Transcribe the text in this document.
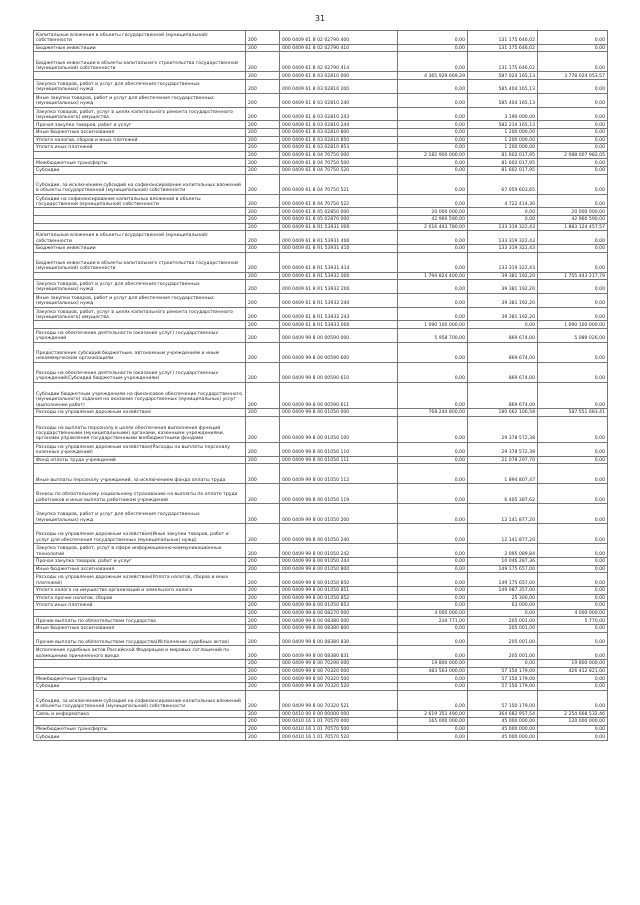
31
Капитальные вложения в объекты государственной (муниципальной) собственности	200	000 0409 61 8 02 02790 400	0,00	131 175 646,02	0,00
Бюджетные инвестиции	200	000 0409 61 8 02 02790 410	0,00	131 175 646,02	0,00
Бюджетные инвестиции в объекты капитального строительства государственной (муниципальной) собственности	200	000 0409 61 8 02 02790 414	0,00	131 175 646,02	0,00
	200	000 0409 61 8 03 02810 000	4 365 929 669,29	587 024 165,13	3 778 024 053,57
Закупка товаров, работ и услуг для обеспечения государственных (муниципальных) нужд	200	000 0409 61 8 03 02810 200	0,00	585 404 165,13	0,00
Иные закупки товаров, работ и услуг для обеспечения государственных (муниципальных) нужд	200	000 0409 61 8 03 02810 240	0,00	585 404 165,13	0,00
Закупка товаров, работ, услуг в целях капитального ремонта государственного (муниципального) имущества	200	000 0409 61 8 03 02810 243	0,00	3 190 000,00	0,00
Прочая закупка товаров, работ и услуг	200	000 0409 61 8 03 02810 244	0,00	582 214 165,13	0,00
Иные бюджетные ассигнования	200	000 0409 61 8 03 02810 800	0,00	1 200 000,00	0,00
Уплата налогов, сборов и иных платежей	200	000 0409 61 8 03 02810 850	0,00	1 200 000,00	0,00
Уплата иных платежей	200	000 0409 61 8 03 02810 853	0,00	1 200 000,00	0,00
	200	000 0409 61 8 04 70750 000	2 182 900 000,00	81 602 017,95	2 088 007 982,05
Межбюджетные трансферты	200	000 0409 61 8 04 70750 500	0,00	81 602 017,95	0,00
Субсидии	200	000 0409 61 8 04 70750 520	0,00	81 602 017,95	0,00
Субсидии, за исключением субсидий на софинансирование капитальных вложений в объекты государственной (муниципальной) собственности	200	000 0409 61 8 04 70750 521	0,00	67 059 603,65	0,00
Субсидии на софинансирование капитальных вложений в объекты государственной (муниципальной) собственности	200	000 0409 61 8 04 70750 522	0,00	4 722 414,30	0,00
	200	000 0409 61 8 05 02850 000	20 000 000,00	0,00	20 000 000,00
	200	000 0409 61 8 05 02870 000	42 960 590,00	0,00	42 960 590,00
	200	000 0409 61 8 R1 53931 000	2 016 443 780,00	133 319 322,43	1 883 124 457,57
Капитальные вложения в объекты государственной (муниципальной) собственности	200	000 0409 61 8 R1 53931 400	0,00	133 319 322,43	0,00
Бюджетные инвестиции	200	000 0409 61 8 R1 53931 410	0,00	133 319 322,43	0,00
Бюджетные инвестиции в объекты капитального строительства государственной (муниципальной) собственности	200	000 0409 61 8 R1 53931 414	0,00	133 319 322,43	0,00
	200	000 0409 61 8 R1 53932 000	1 794 824 400,00	39 381 192,20	1 755 443 217,79
Закупка товаров, работ и услуг для обеспечения государственных (муниципальных) нужд	200	000 0409 61 8 R1 53932 200	0,00	39 381 192,20	0,00
Иные закупки товаров, работ и услуг для обеспечения государственных (муниципальных) нужд	200	000 0409 61 8 R1 53932 240	0,00	39 381 192,20	0,00
Закупка товаров, работ, услуг в целях капитального ремонта государственного (муниципального) имущества	200	000 0409 61 8 R1 53932 243	0,00	39 381 192,20	0,00
	200	000 0409 61 8 R1 53933 000	1 090 100 000,00	0,00	1 090 100 000,00
Расходы на обеспечение деятельности (оказание услуг) государственных учреждений	200	000 0409 99 8 00 00590 000	5 958 700,00	869 674,00	5 089 026,00
Предоставление субсидий бюджетным, автономным учреждениям и иным некоммерческим организациям	200	000 0409 99 8 00 00590 600	0,00	869 674,00	0,00
Расходы на обеспечение деятельности (оказание услуг) государственных учреждений(Субсидии бюджетным учреждениям)	200	000 0409 99 8 00 00590 610	0,00	869 674,00	0,00
Субсидии бюджетным учреждениям на финансовое обеспечение государственного (муниципального) задания на оказание государственных (муниципальных) услуг (выполнение работ)	200	000 0409 99 8 00 00590 611	0,00	869 674,00	0,00
Расходы на управление дорожным хозяйством	200	000 0409 99 8 00 01050 000	768 244 800,00	180 662 106,58	587 551 683,41
Расходы на выплаты персоналу в целях обеспечения выполнения функций государственными (муниципальными) органами, казенными учреждениями, органами управления государственными внебюджетными фондами	200	000 0409 99 8 00 01050 100	0,00	29 378 572,38	0,00
Расходы на управление дорожным хозяйством(Расходы на выплаты персоналу казенных учреждений)	200	000 0409 99 8 00 01050 110	0,00	29 378 572,38	0,00
Фонд оплаты труда учреждений	200	000 0409 99 8 00 01050 111	0,00	21 078 297,70	0,00
Иные выплаты персоналу учреждений, за исключением фонда оплаты труда	200	000 0409 99 8 00 01050 112	0,00	1 894 807,47	0,00
Взносы по обязательному социальному страхованию на выплаты по оплате труда работников и иные выплаты работникам учреждений	200	000 0409 99 8 00 01050 119	0,00	6 405 387,62	0,00
Закупка товаров, работ и услуг для обеспечения государственных (муниципальных) нужд	200	000 0409 99 8 00 01050 200	0,00	12 141 877,20	0,00
Расходы на управление дорожным хозяйством(Иные закупки товаров, работ и услуг для обеспечения государственных (муниципальных) нужд)	200	000 0409 99 8 00 01050 240	0,00	12 141 877,20	0,00
Закупка товаров, работ, услуг в сфере информационно-коммуникационных технологий	200	000 0409 99 8 00 01050 242	0,00	2 095 089,84	0,00
Прочая закупка товаров, работ и услуг	200	000 0409 99 8 00 01050 244	0,00	10 046 287,36	0,00
Иные бюджетные ассигнования	200	000 0409 99 8 00 01050 800	0,00	149 175 657,00	0,00
Расходы на управление дорожным хозяйством(Уплата налогов, сборов и иных платежей)	200	000 0409 99 8 00 01050 850	0,00	149 175 657,00	0,00
Уплата налога на имущество организаций и земельного налога	200	000 0409 99 8 00 01050 851	0,00	149 087 357,00	0,00
Уплата прочих налогов, сборов	200	000 0409 99 8 00 01050 852	0,00	25 300,00	0,00
Уплата иных платежей	200	000 0409 99 8 00 01050 853	0,00	63 000,00	0,00
	200	000 0409 99 8 00 08270 000	4 000 000,00	0,00	4 000 000,00
Прочие выплаты по обязательствам государства	200	000 0409 99 8 00 08380 000	210 771,00	205 001,00	5 770,00
Иные бюджетные ассигнования	200	000 0409 99 8 00 08380 800	0,00	205 001,00	0,00
Прочие выплаты по обязательствам государства(Исполнение судебных актов)	200	000 0409 99 8 00 08380 830	0,00	205 001,00	0,00
Исполнение судебных актов Российской Федерации и мировых соглашений по возмещению причиненного вреда	200	000 0409 99 8 00 08380 831	0,00	205 001,00	0,00
	200	000 0409 99 8 00 70290 000	19 800 000,00	0,00	19 800 000,00
	200	000 0409 99 8 00 70320 000	483 563 000,00	57 150 179,00	426 412 821,00
Межбюджетные трансферты	200	000 0409 99 8 00 70320 500	0,00	57 150 179,00	0,00
Субсидии	200	000 0409 99 8 00 70320 520	0,00	57 150 179,00	0,00
Субсидии, за исключением субсидий на софинансирование капитальных вложений в объекты государственной (муниципальной) собственности	200	000 0409 99 8 00 70320 521	0,00	57 150 179,00	0,00
Связь и информатика	200	000 0410 00 0 00 00000 000	2 619 351 490,00	364 682 957,54	2 254 668 532,46
	200	000 0410 16 1 01 70570 000	165 000 000,00	45 000 000,00	120 000 000,00
Межбюджетные трансферты	200	000 0410 16 1 01 70570 500	0,00	45 000 000,00	0,00
Субсидии	200	000 0410 16 1 01 70570 520	0,00	45 000 000,00	0,00
